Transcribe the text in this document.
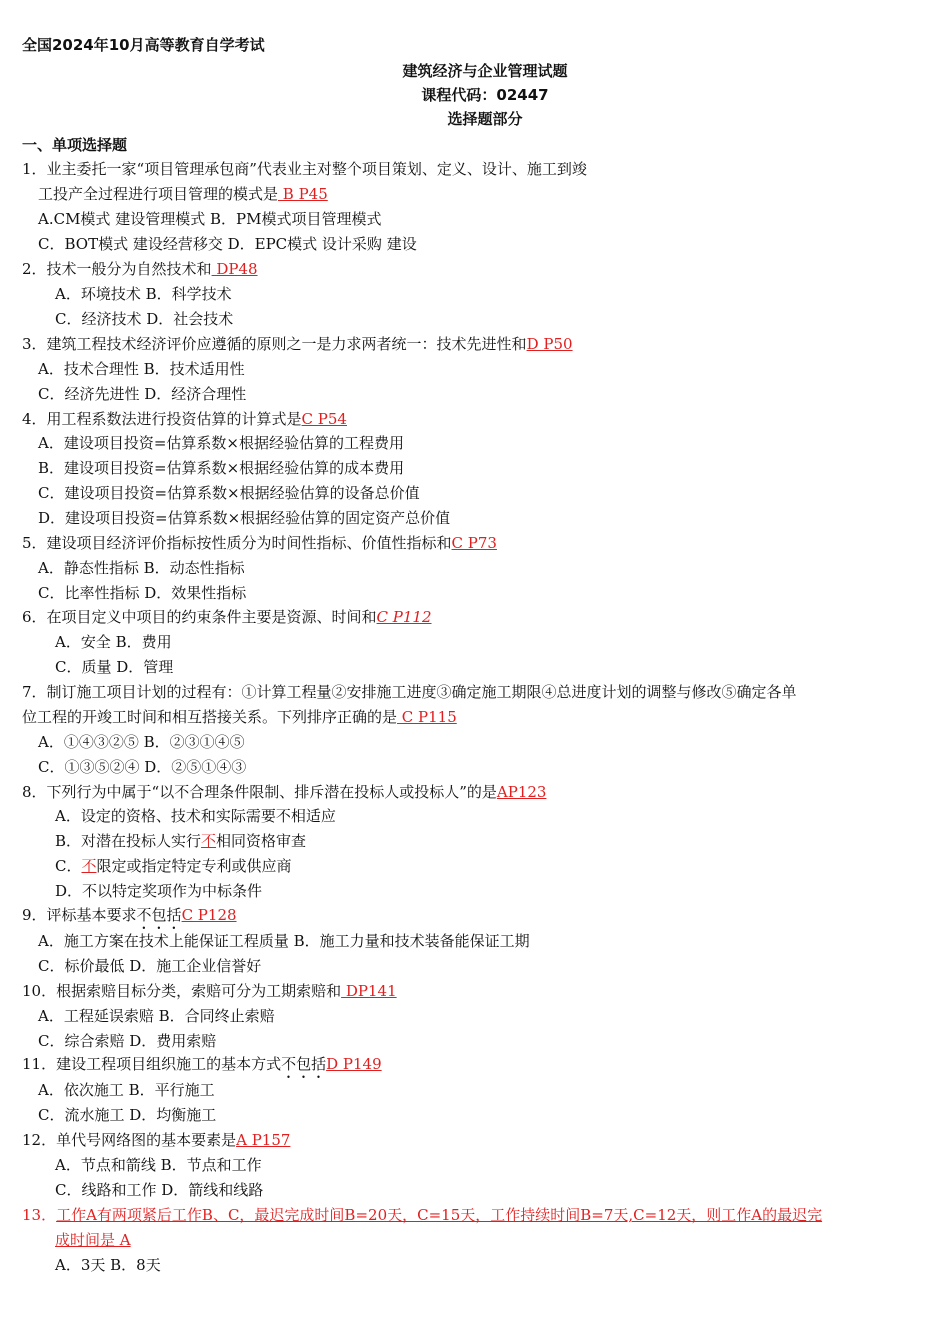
全国2024年10月高等教育自学考试
建筑经济与企业管理试题
课程代码：02447
选择题部分
一、单项选择题
1．业主委托一家“项目管理承包商”代表业主对整个项目策划、定义、设计、施工到竣
工投产全过程进行项目管理的模式是 B P45
A.CM模式 建设管理模式 B．PM模式项目管理模式
C．BOT模式 建设经营移交 D．EPC模式 设计采购 建设
2．技术一般分为自然技术和 DP48
A．环境技术 B．科学技术
C．经济技术 D．社会技术
3．建筑工程技术经济评价应遵循的原则之一是力求两者统一：技术先进性和D P50
A．技术合理性 B．技术适用性
C．经济先进性 D．经济合理性
4．用工程系数法进行投资估算的计算式是C P54
A．建设项目投资=估算系数×根据经验估算的工程费用
B．建设项目投资=估算系数×根据经验估算的成本费用
C．建设项目投资=估算系数×根据经验估算的设备总价值
D．建设项目投资=估算系数×根据经验估算的固定资产总价值
5．建设项目经济评价指标按性质分为时间性指标、价值性指标和C P73
A．静态性指标 B．动态性指标
C．比率性指标 D．效果性指标
6．在项目定义中项目的约束条件主要是资源、时间和C P112
A．安全 B．费用
C．质量 D．管理
7．制订施工项目计划的过程有：①计算工程量②安排施工进度③确定施工期限④总进度计划的调整与修改⑤确定各单
位工程的开竣工时间和相互搭接关系。下列排序正确的是 C P115
A．①④③②⑤ B．②③①④⑤
C．①③⑤②④ D．②⑤①④③
8．下列行为中属于“以不合理条件限制、排斥潜在投标人或投标人”的是AP123
A．设定的资格、技术和实际需要不相适应
B．对潜在投标人实行不相同资格审查
C．不限定或指定特定专利或供应商
D．不以特定奖项作为中标条件
9．评标基本要求不包括C P128
A．施工方案在技术上能保证工程质量 B．施工力量和技术装备能保证工期
C．标价最低 D．施工企业信誉好
10．根据索赔目标分类，索赔可分为工期索赔和 DP141
A．工程延误索赔 B．合同终止索赔
C．综合索赔 D．费用索赔
11．建设工程项目组织施工的基本方式不包括D P149
A．依次施工 B．平行施工
C．流水施工 D．均衡施工
12．单代号网络图的基本要素是A P157
A．节点和箭线 B．节点和工作
C．线路和工作 D．箭线和线路
13．工作A有两项紧后工作B、C，最迟完成时间B=20天，C=15天，工作持续时间B=7天,C=12天，则工作A的最迟完
成时间是 A
A．3天 B．8天
